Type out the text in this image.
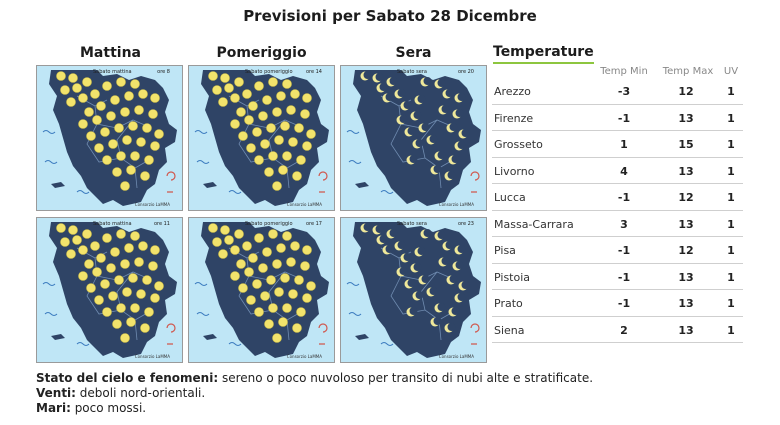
Previsioni per Sabato 28 Dicembre
Mattina	Pomeriggio	Sera
Sabato mattina	ore 8
Consorzio LaMMA
Sabato pomeriggio	ore 14
Consorzio LaMMA
Sabato sera	ore 20
Consorzio LaMMA
Sabato mattina	ore 11
Consorzio LaMMA
Sabato pomeriggio	ore 17
Consorzio LaMMA
Sabato sera	ore 23
Consorzio LaMMA
Temperature
Temp Min	Temp Max	UV
Arezzo	-3	12	1
Firenze	-1	13	1
Grosseto	1	15	1
Livorno	4	13	1
Lucca	-1	12	1
Massa-Carrara	3	13	1
Pisa	-1	12	1
Pistoia	-1	13	1
Prato	-1	13	1
Siena	2	13	1
Stato del cielo e fenomeni: sereno o poco nuvoloso per transito di nubi alte e stratificate.
Venti: deboli nord-orientali.
Mari: poco mossi.
